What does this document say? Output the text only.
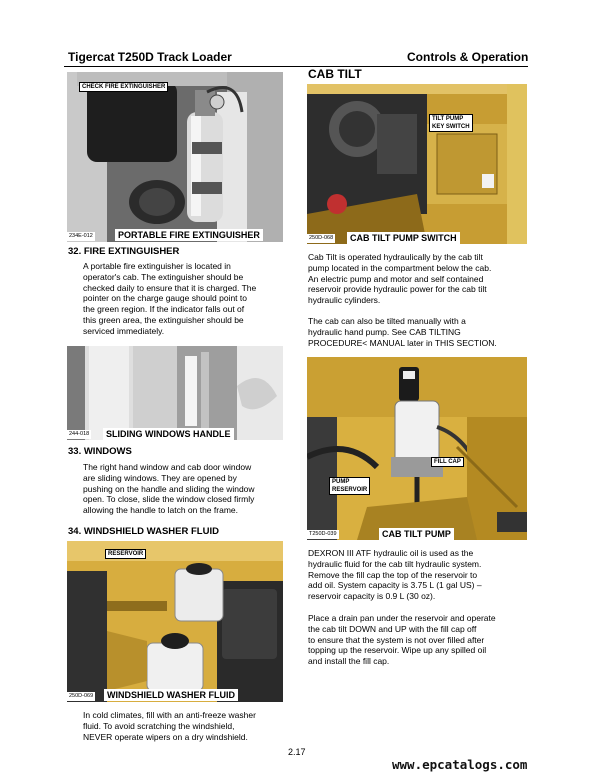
Tigercat T250D Track Loader	Controls & Operation
CHECK FIRE EXTINGUISHER
234E-012	PORTABLE FIRE EXTINGUISHER
32. FIRE EXTINGUISHER
A portable fire extinguisher is located in
operator's cab. The extinguisher should be
checked daily to ensure that it is charged. The
pointer on the charge gauge should point to
the green region. If the indicator falls out of
this green area, the extinguisher should be
serviced immediately.
244-018	SLIDING WINDOWS HANDLE
33. WINDOWS
The right hand window and cab door window
are sliding windows. They are opened by
pushing on the handle and sliding the window
open. To close, slide the window closed firmly
allowing the handle to latch on the frame.
34. WINDSHIELD WASHER FLUID
RESERVOIR
250D-069	WINDSHIELD WASHER FLUID
In cold climates, fill with an anti-freeze washer
fluid. To avoid scratching the windshield,
NEVER operate wipers on a dry windshield.
CAB TILT
TILT PUMP
KEY SWITCH
250D-068	CAB TILT PUMP SWITCH
Cab Tilt is operated hydraulically by the cab tilt
pump located in the compartment below the cab.
An electric pump and motor and self contained
reservoir provide hydraulic power for the cab tilt
hydraulic cylinders.
The cab can also be tilted manually with a
hydraulic hand pump. See CAB TILTING
PROCEDURE< MANUAL later in THIS SECTION.
FILL CAP
PUMP
RESERVOIR
T250D-039	CAB TILT PUMP
DEXRON III ATF hydraulic oil is used as the
hydraulic fluid for the cab tilt hydraulic system.
Remove the fill cap the top of the reservoir to
add oil. System capacity is 3.75 L (1 gal US) –
reservoir capacity is 0.9 L (30 oz).
Place a drain pan under the reservoir and operate
the cab tilt DOWN and UP with the fill cap off
to ensure that the system is not over filled after
topping up the reservoir. Wipe up any spilled oil
and install the fill cap.
2.17
www.epcatalogs.com
